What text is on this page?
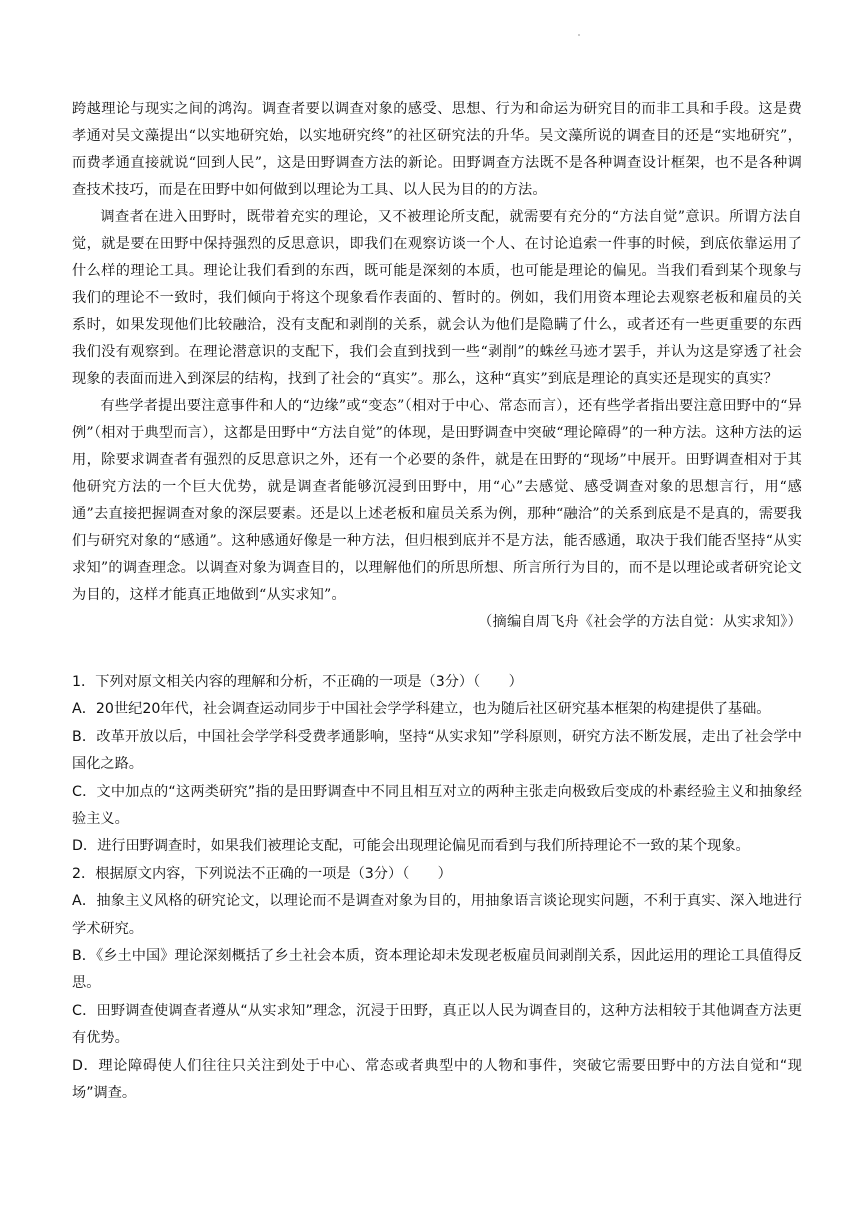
跨越理论与现实之间的鸿沟。调查者要以调查对象的感受、思想、行为和命运为研究目的而非工具和手段。这是费孝通对吴文藻提出“以实地研究始，以实地研究终”的社区研究法的升华。吴文藻所说的调查目的还是“实地研究”，而费孝通直接就说“回到人民”，这是田野调查方法的新论。田野调查方法既不是各种调查设计框架，也不是各种调查技术技巧，而是在田野中如何做到以理论为工具、以人民为目的的方法。

调查者在进入田野时，既带着充实的理论，又不被理论所支配，就需要有充分的“方法自觉”意识。所谓方法自觉，就是要在田野中保持强烈的反思意识，即我们在观察访谈一个人、在讨论追索一件事的时候，到底依靠运用了什么样的理论工具。理论让我们看到的东西，既可能是深刻的本质，也可能是理论的偏见。当我们看到某个现象与我们的理论不一致时，我们倾向于将这个现象看作表面的、暂时的。例如，我们用资本理论去观察老板和雇员的关系时，如果发现他们比较融洽，没有支配和剥削的关系，就会认为他们是隐瞒了什么，或者还有一些更重要的东西我们没有观察到。在理论潜意识的支配下，我们会直到找到一些“剥削”的蛛丝马迹才罢手，并认为这是穿透了社会现象的表面而进入到深层的结构，找到了社会的“真实”。那么，这种“真实”到底是理论的真实还是现实的真实？

有些学者提出要注意事件和人的“边缘”或“变态”（相对于中心、常态而言），还有些学者指出要注意田野中的“异例”（相对于典型而言），这都是田野中“方法自觉”的体现，是田野调查中突破“理论障碍”的一种方法。这种方法的运用，除要求调查者有强烈的反思意识之外，还有一个必要的条件，就是在田野的“现场”中展开。田野调查相对于其他研究方法的一个巨大优势，就是调查者能够沉浸到田野中，用“心”去感觉、感受调查对象的思想言行，用“感通”去直接把握调查对象的深层要素。还是以上述老板和雇员关系为例，那种“融洽”的关系到底是不是真的，需要我们与研究对象的“感通”。这种感通好像是一种方法，但归根到底并不是方法，能否感通，取决于我们能否坚持“从实求知”的调查理念。以调查对象为调查目的，以理解他们的所思所想、所言所行为目的，而不是以理论或者研究论文为目的，这样才能真正地做到“从实求知”。

（摘编自周飞舟《社会学的方法自觉：从实求知》）

1．下列对原文相关内容的理解和分析，不正确的一项是（3分）（　　）

A．20世纪20年代，社会调查运动同步于中国社会学学科建立，也为随后社区研究基本框架的构建提供了基础。

B．改革开放以后，中国社会学学科受费孝通影响，坚持“从实求知”学科原则，研究方法不断发展，走出了社会学中国化之路。

C．文中加点的“这两类研究”指的是田野调查中不同且相互对立的两种主张走向极致后变成的朴素经验主义和抽象经验主义。

D．进行田野调查时，如果我们被理论支配，可能会出现理论偏见而看到与我们所持理论不一致的某个现象。

2．根据原文内容，下列说法不正确的一项是（3分）（　　）

A．抽象主义风格的研究论文，以理论而不是调查对象为目的，用抽象语言谈论现实问题，不利于真实、深入地进行学术研究。

B．《乡土中国》理论深刻概括了乡土社会本质，资本理论却未发现老板雇员间剥削关系，因此运用的理论工具值得反思。

C．田野调查使调查者遵从“从实求知”理念，沉浸于田野，真正以人民为调查目的，这种方法相较于其他调查方法更有优势。

D．理论障碍使人们往往只关注到处于中心、常态或者典型中的人物和事件，突破它需要田野中的方法自觉和“现场”调查。
